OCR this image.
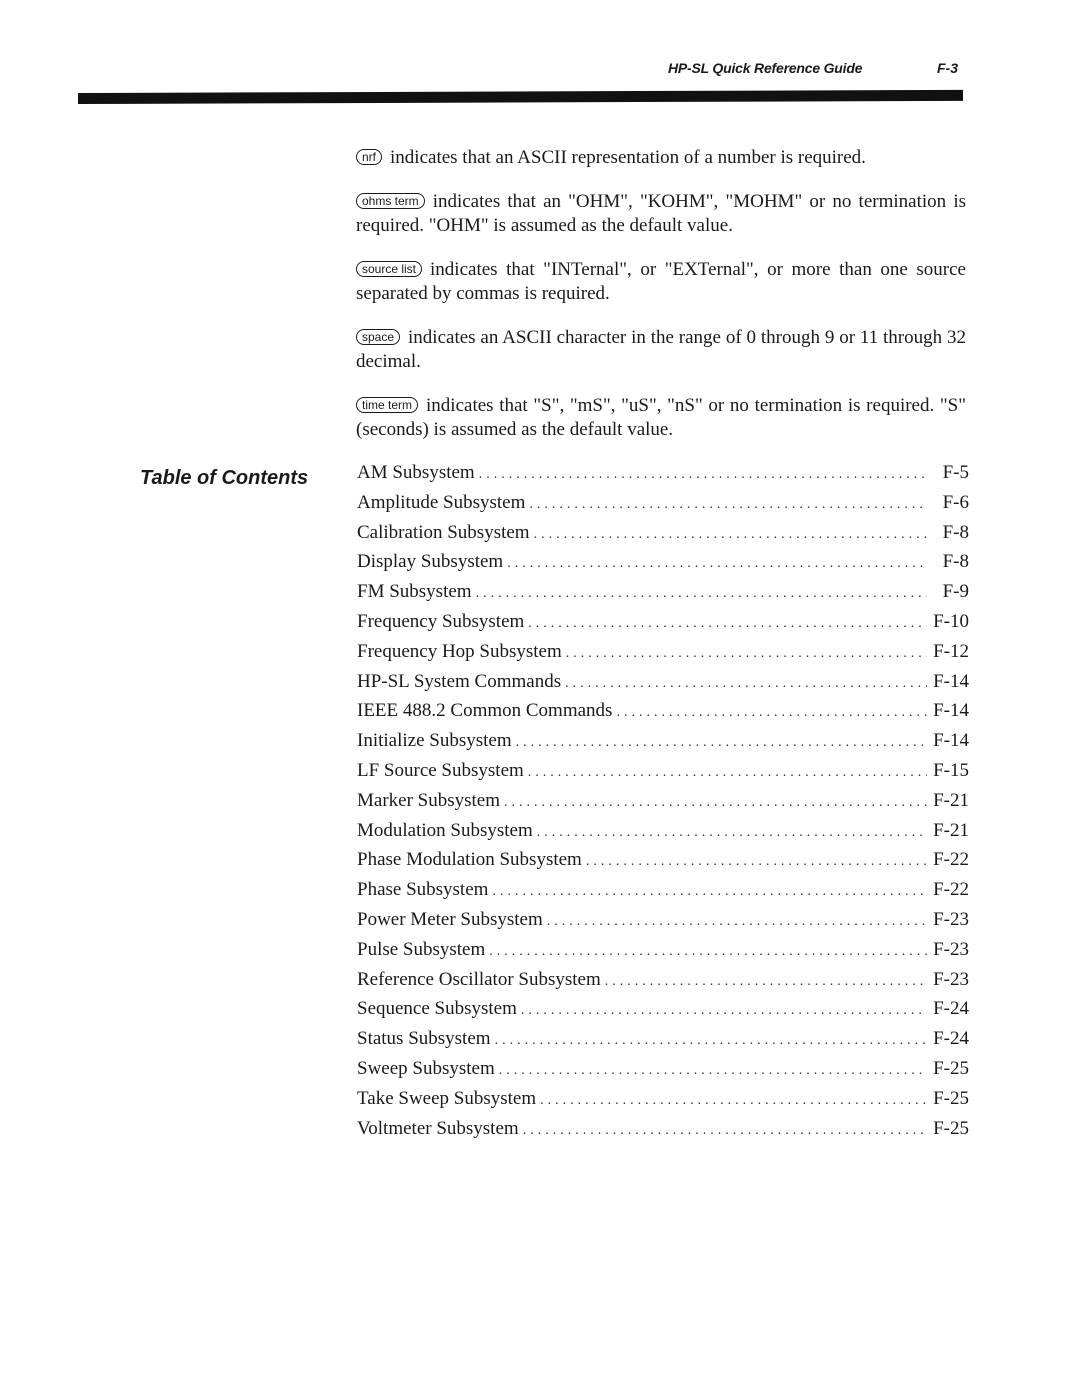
HP-SL Quick Reference Guide	F-3

nrf indicates that an ASCII representation of a number is required.

ohms term indicates that an "OHM", "KOHM", "MOHM" or no termination is required. "OHM" is assumed as the default value.

source list indicates that "INTernal", or "EXTernal", or more than one source separated by commas is required.

space indicates an ASCII character in the range of 0 through 9 or 11 through 32 decimal.

time term indicates that "S", "mS", "uS", "nS" or no termination is required. "S" (seconds) is assumed as the default value.

Table of Contents	AM Subsystem .....	F-5
Amplitude Subsystem .....	F-6
Calibration Subsystem .....	F-8
Display Subsystem .....	F-8
FM Subsystem .....	F-9
Frequency Subsystem .....	F-10
Frequency Hop Subsystem .....	F-12
HP-SL System Commands .....	F-14
IEEE 488.2 Common Commands .....	F-14
Initialize Subsystem .....	F-14
LF Source Subsystem .....	F-15
Marker Subsystem .....	F-21
Modulation Subsystem .....	F-21
Phase Modulation Subsystem .....	F-22
Phase Subsystem .....	F-22
Power Meter Subsystem .....	F-23
Pulse Subsystem .....	F-23
Reference Oscillator Subsystem .....	F-23
Sequence Subsystem .....	F-24
Status Subsystem .....	F-24
Sweep Subsystem .....	F-25
Take Sweep Subsystem .....	F-25
Voltmeter Subsystem .....	F-25
